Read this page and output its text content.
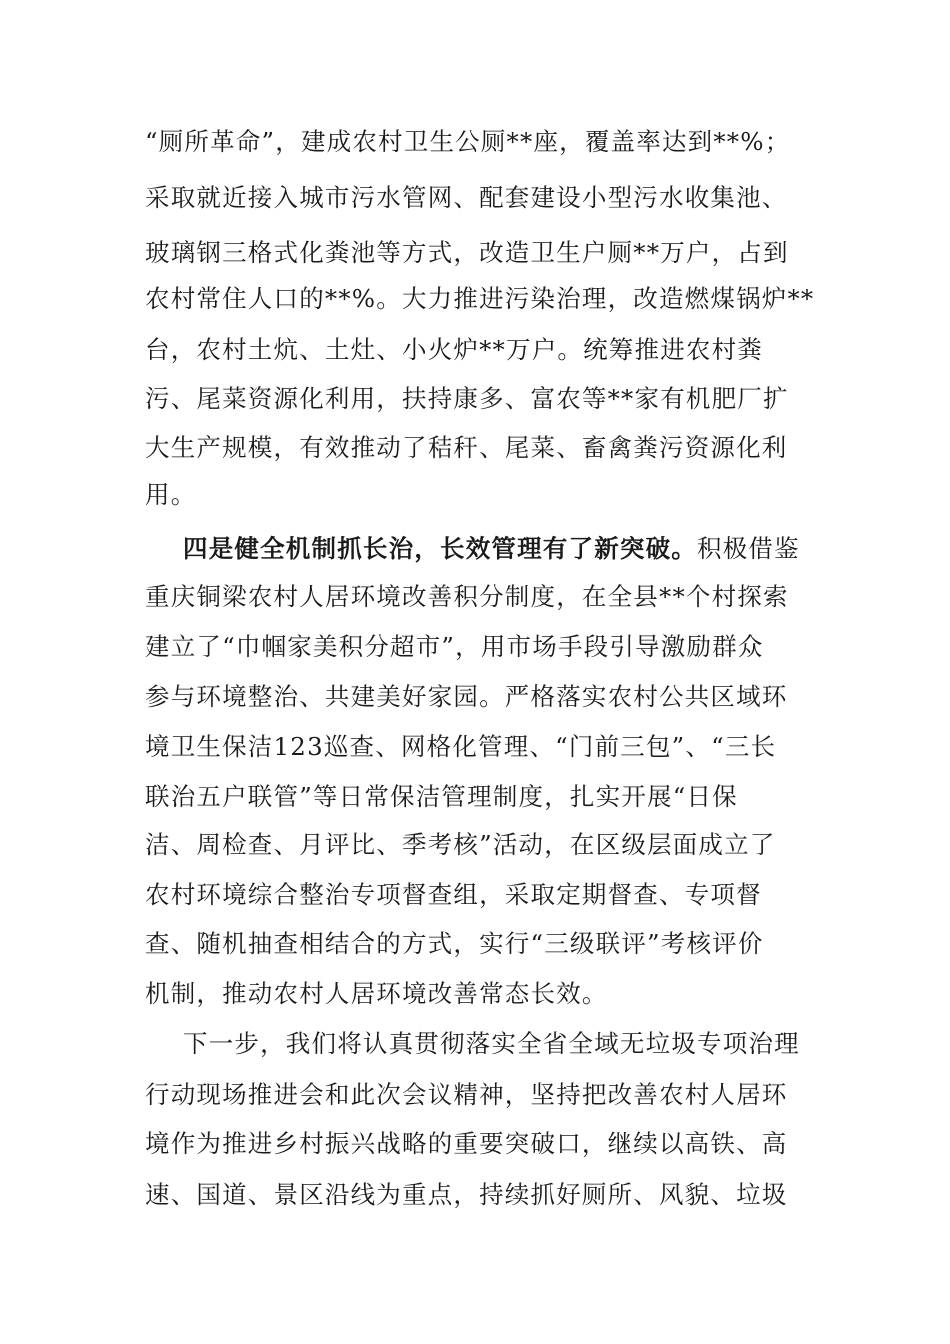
“厕所革命”，建成农村卫生公厕**座，覆盖率达到**%；
采取就近接入城市污水管网、配套建设小型污水收集池、
玻璃钢三格式化粪池等方式，改造卫生户厕**万户，占到
农村常住人口的**%。大力推进污染治理，改造燃煤锅炉**
台，农村土炕、土灶、小火炉**万户。统筹推进农村粪
污、尾菜资源化利用，扶持康多、富农等**家有机肥厂扩
大生产规模，有效推动了秸秆、尾菜、畜禽粪污资源化利
用。
四是健全机制抓长治，长效管理有了新突破。积极借鉴
重庆铜梁农村人居环境改善积分制度，在全县**个村探索
建立了“巾帼家美积分超市”，用市场手段引导激励群众
参与环境整治、共建美好家园。严格落实农村公共区域环
境卫生保洁123巡查、网格化管理、“门前三包”、“三长
联治五户联管”等日常保洁管理制度，扎实开展“日保
洁、周检查、月评比、季考核”活动，在区级层面成立了
农村环境综合整治专项督查组，采取定期督查、专项督
查、随机抽查相结合的方式，实行“三级联评”考核评价
机制，推动农村人居环境改善常态长效。
下一步，我们将认真贯彻落实全省全域无垃圾专项治理
行动现场推进会和此次会议精神，坚持把改善农村人居环
境作为推进乡村振兴战略的重要突破口，继续以高铁、高
速、国道、景区沿线为重点，持续抓好厕所、风貌、垃圾
